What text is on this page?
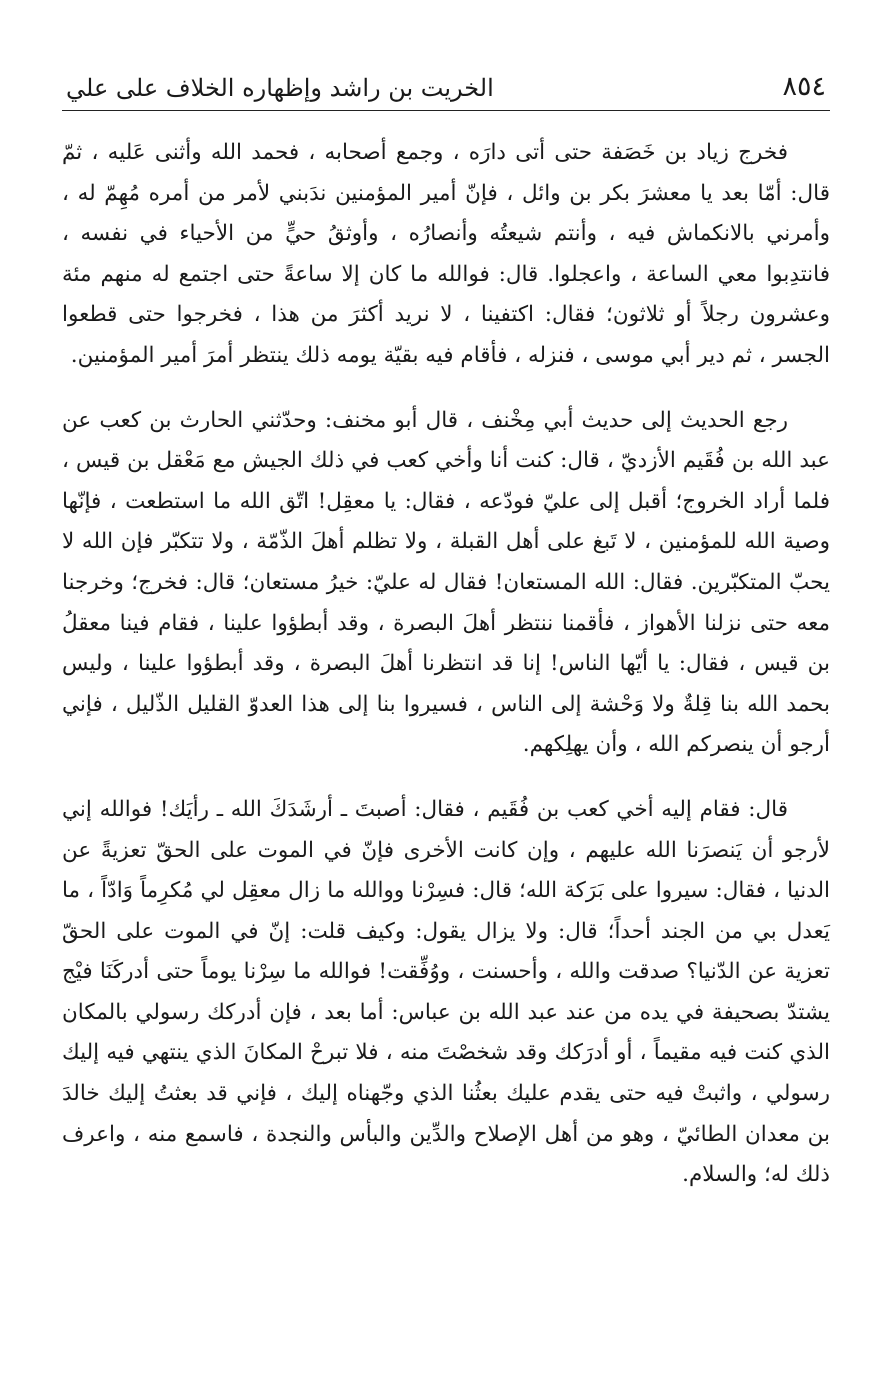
٨٥٤
الخريت بن راشد وإظهاره الخلاف على علي

فخرج زياد بن خَصَفة حتى أتى دارَه ، وجمع أصحابه ، فحمد الله وأثنى عَليه ، ثمّ قال: أمّا بعد يا معشرَ بكر بن وائل ، فإنّ أمير المؤمنين ندَبني لأمر من أمره مُهِمّ له ، وأمرني بالانكماش فيه ، وأنتم شيعتُه وأنصارُه ، وأوثقُ حيٍّ من الأحياء في نفسه ، فانتدِبوا معي الساعة ، واعجلوا. قال: فوالله ما كان إلا ساعةً حتى اجتمع له منهم مئة وعشرون رجلاً أو ثلاثون؛ فقال: اكتفينا ، لا نريد أكثرَ من هذا ، فخرجوا حتى قطعوا الجسر ، ثم دير أبي موسى ، فنزله ، فأقام فيه بقيّة يومه ذلك ينتظر أمرَ أمير المؤمنين.

رجع الحديث إلى حديث أبي مِخْنف ، قال أبو مخنف: وحدّثني الحارث بن كعب عن عبد الله بن فُقَيم الأزديّ ، قال: كنت أنا وأخي كعب في ذلك الجيش مع مَعْقل بن قيس ، فلما أراد الخروج؛ أقبل إلى عليّ فودّعه ، فقال: يا معقِل! اتّق الله ما استطعت ، فإنّها وصية الله للمؤمنين ، لا تَبغ على أهل القبلة ، ولا تظلم أهلَ الذّمّة ، ولا تتكبّر فإن الله لا يحبّ المتكبّرين. فقال: الله المستعان! فقال له عليّ: خيرُ مستعان؛ قال: فخرج؛ وخرجنا معه حتى نزلنا الأهواز ، فأقمنا ننتظر أهلَ البصرة ، وقد أبطؤوا علينا ، فقام فينا معقلُ بن قيس ، فقال: يا أيّها الناس! إنا قد انتظرنا أهلَ البصرة ، وقد أبطؤوا علينا ، وليس بحمد الله بنا قِلةٌ ولا وَحْشة إلى الناس ، فسيروا بنا إلى هذا العدوّ القليل الذّليل ، فإني أرجو أن ينصركم الله ، وأن يهلِكهم.

قال: فقام إليه أخي كعب بن فُقَيم ، فقال: أصبتَ ـ أرشَدَكَ الله ـ رأيَك! فوالله إني لأرجو أن يَنصرَنا الله عليهم ، وإن كانت الأخرى فإنّ في الموت على الحقّ تعزيةً عن الدنيا ، فقال: سيروا على بَرَكة الله؛ قال: فسِرْنا ووالله ما زال معقِل لي مُكرِماً وَادّاً ، ما يَعدل بي من الجند أحداً؛ قال: ولا يزال يقول: وكيف قلت: إنّ في الموت على الحقّ تعزية عن الدّنيا؟ صدقت والله ، وأحسنت ، ووُفِّقت! فوالله ما سِرْنا يوماً حتى أدركَنَا فيْج يشتدّ بصحيفة في يده من عند عبد الله بن عباس: أما بعد ، فإن أدركك رسولي بالمكان الذي كنت فيه مقيماً ، أو أدرَكك وقد شخصْتَ منه ، فلا تبرحْ المكانَ الذي ينتهي فيه إليك رسولي ، واثبتْ فيه حتى يقدم عليك بعثُنا الذي وجّهناه إليك ، فإني قد بعثتُ إليك خالدَ بن معدان الطائيّ ، وهو من أهل الإصلاح والدِّين والبأس والنجدة ، فاسمع منه ، واعرف ذلك له؛ والسلام.
